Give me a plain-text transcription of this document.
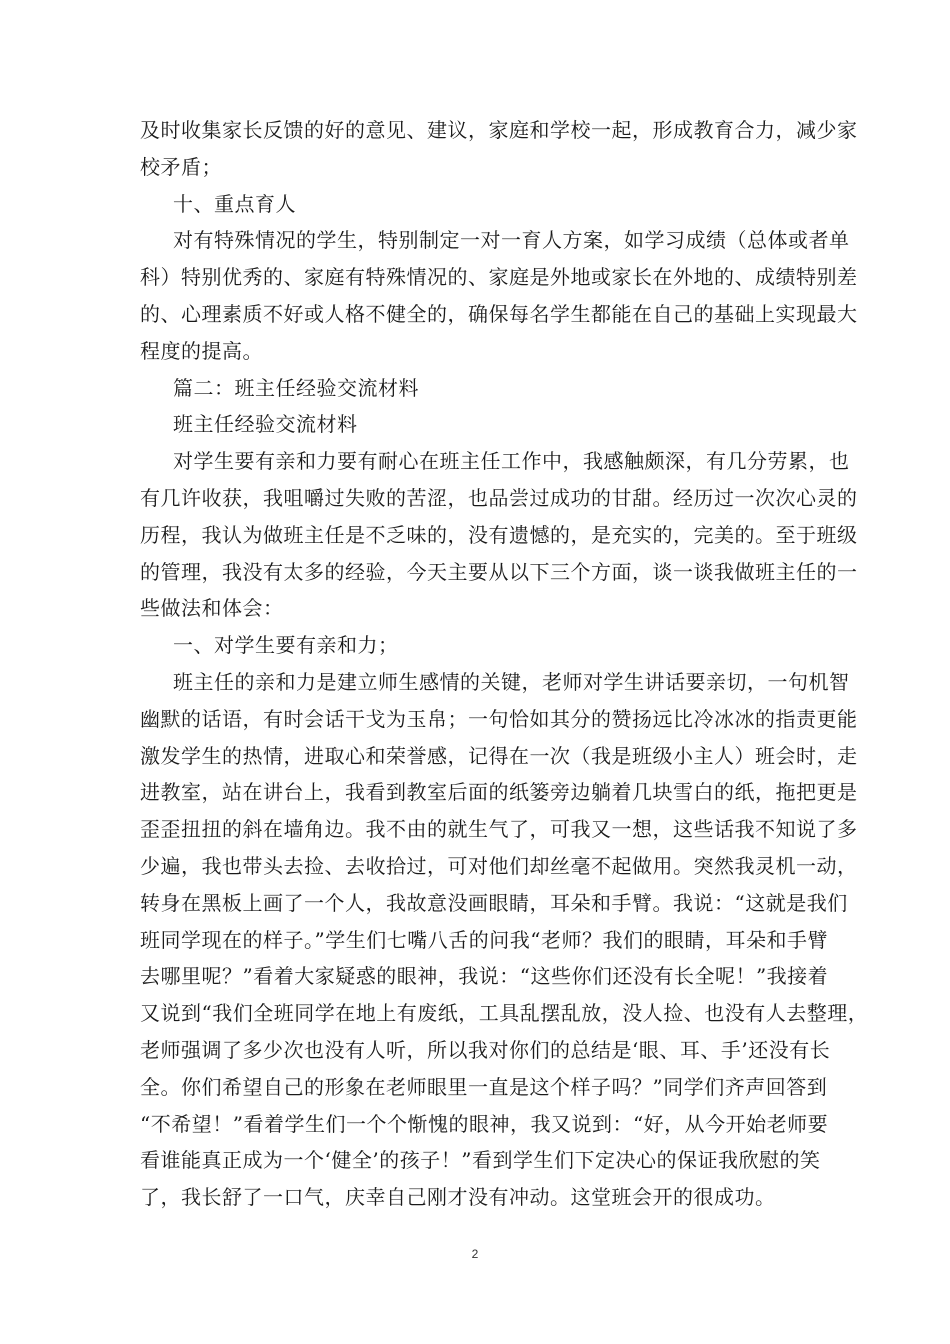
及时收集家长反馈的好的意见、建议，家庭和学校一起，形成教育合力，减少家
校矛盾；
十、重点育人
对有特殊情况的学生，特别制定一对一育人方案，如学习成绩（总体或者单
科）特别优秀的、家庭有特殊情况的、家庭是外地或家长在外地的、成绩特别差
的、心理素质不好或人格不健全的，确保每名学生都能在自己的基础上实现最大
程度的提高。
篇二：班主任经验交流材料
班主任经验交流材料
对学生要有亲和力要有耐心在班主任工作中，我感触颇深，有几分劳累，也
有几许收获，我咀嚼过失败的苦涩，也品尝过成功的甘甜。经历过一次次心灵的
历程，我认为做班主任是不乏味的，没有遗憾的，是充实的，完美的。至于班级
的管理，我没有太多的经验，今天主要从以下三个方面，谈一谈我做班主任的一
些做法和体会：
一、对学生要有亲和力；
班主任的亲和力是建立师生感情的关键，老师对学生讲话要亲切，一句机智
幽默的话语，有时会话干戈为玉帛；一句恰如其分的赞扬远比冷冰冰的指责更能
激发学生的热情，进取心和荣誉感，记得在一次（我是班级小主人）班会时，走
进教室，站在讲台上，我看到教室后面的纸篓旁边躺着几块雪白的纸，拖把更是
歪歪扭扭的斜在墙角边。我不由的就生气了，可我又一想，这些话我不知说了多
少遍，我也带头去捡、去收拾过，可对他们却丝毫不起做用。突然我灵机一动，
转身在黑板上画了一个人，我故意没画眼睛，耳朵和手臂。我说：“这就是我们
班同学现在的样子。”学生们七嘴八舌的问我“老师？我们的眼睛，耳朵和手臂
去哪里呢？”看着大家疑惑的眼神，我说：“这些你们还没有长全呢！”我接着
又说到“我们全班同学在地上有废纸，工具乱摆乱放，没人捡、也没有人去整理，
老师强调了多少次也没有人听，所以我对你们的总结是‘眼、耳、手’还没有长
全。你们希望自己的形象在老师眼里一直是这个样子吗？”同学们齐声回答到
“不希望！”看着学生们一个个惭愧的眼神，我又说到：“好，从今开始老师要
看谁能真正成为一个‘健全’的孩子！”看到学生们下定决心的保证我欣慰的笑
了，我长舒了一口气，庆幸自己刚才没有冲动。这堂班会开的很成功。
2
